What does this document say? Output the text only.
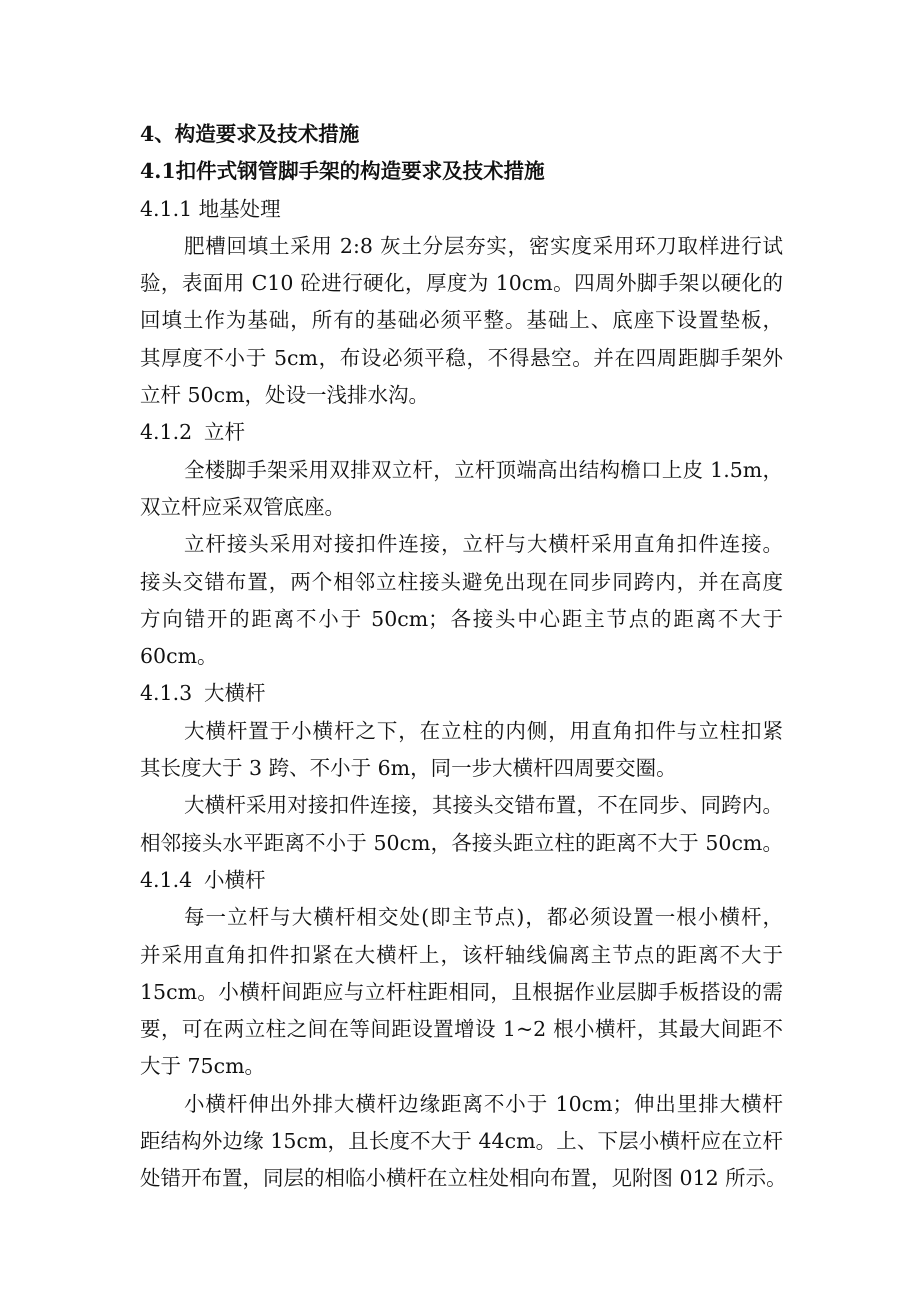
4、构造要求及技术措施
4.1扣件式钢管脚手架的构造要求及技术措施
4.1.1 地基处理
肥槽回填土采用 2:8 灰土分层夯实，密实度采用环刀取样进行试
验，表面用 C10 砼进行硬化，厚度为 10cm。四周外脚手架以硬化的
回填土作为基础，所有的基础必须平整。基础上、底座下设置垫板，
其厚度不小于 5cm，布设必须平稳，不得悬空。并在四周距脚手架外
立杆 50cm，处设一浅排水沟。
4.1.2 立杆
全楼脚手架采用双排双立杆，立杆顶端高出结构檐口上皮 1.5m，
双立杆应采双管底座。
立杆接头采用对接扣件连接，立杆与大横杆采用直角扣件连接。
接头交错布置，两个相邻立柱接头避免出现在同步同跨内，并在高度
方向错开的距离不小于 50cm；各接头中心距主节点的距离不大于
60cm。
4.1.3 大横杆
大横杆置于小横杆之下，在立柱的内侧，用直角扣件与立柱扣紧
其长度大于 3 跨、不小于 6m，同一步大横杆四周要交圈。
大横杆采用对接扣件连接，其接头交错布置，不在同步、同跨内。
相邻接头水平距离不小于 50cm，各接头距立柱的距离不大于 50cm。
4.1.4 小横杆
每一立杆与大横杆相交处(即主节点)，都必须设置一根小横杆，
并采用直角扣件扣紧在大横杆上，该杆轴线偏离主节点的距离不大于
15cm。小横杆间距应与立杆柱距相同，且根据作业层脚手板搭设的需
要，可在两立柱之间在等间距设置增设 1~2 根小横杆，其最大间距不
大于 75cm。
小横杆伸出外排大横杆边缘距离不小于 10cm；伸出里排大横杆
距结构外边缘 15cm，且长度不大于 44cm。上、下层小横杆应在立杆
处错开布置，同层的相临小横杆在立柱处相向布置，见附图 012 所示。
